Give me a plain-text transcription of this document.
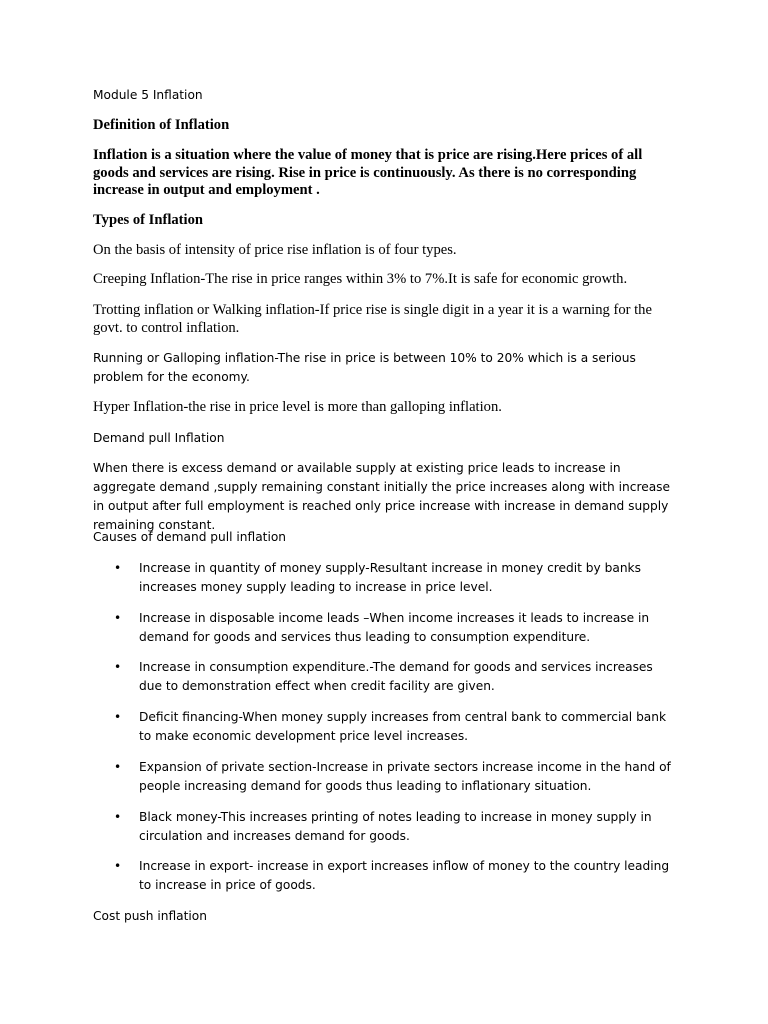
Module 5 Inflation

Definition of Inflation

Inflation is a situation where the value of money that is price are rising.Here prices of all goods and services are rising. Rise in price is continuously. As there is no corresponding increase in output and employment .

Types of Inflation

On the basis of intensity of price rise inflation is of four types.

Creeping Inflation-The rise in price ranges within 3% to 7%.It is safe for economic growth.

Trotting inflation or Walking inflation-If price rise is single digit in a year it is a warning for the govt. to control inflation.

Running or Galloping inflation-The rise in price is between 10% to 20% which is a serious problem for the economy.

Hyper Inflation-the rise in price level is more than galloping inflation.

Demand pull Inflation

When there is excess demand or available supply at existing price leads to increase in aggregate demand ,supply remaining constant initially the price increases along with increase in output after full employment is reached only price increase with increase in demand supply remaining constant.

Causes of demand pull inflation

• Increase in quantity of money supply-Resultant increase in money credit by banks increases money supply leading to increase in price level.
• Increase in disposable income leads –When income increases it leads to increase in demand for goods and services thus leading to consumption expenditure.
• Increase in consumption expenditure.-The demand for goods and services increases due to demonstration effect when credit facility are given.
• Deficit financing-When money supply increases from central bank to commercial bank to make economic development price level increases.
• Expansion of private section-Increase in private sectors increase income in the hand of people increasing demand for goods thus leading to inflationary situation.
• Black money-This increases printing of notes leading to increase in money supply in circulation and increases demand for goods.
• Increase in export- increase in export increases inflow of money to the country leading to increase in price of goods.

Cost push inflation
